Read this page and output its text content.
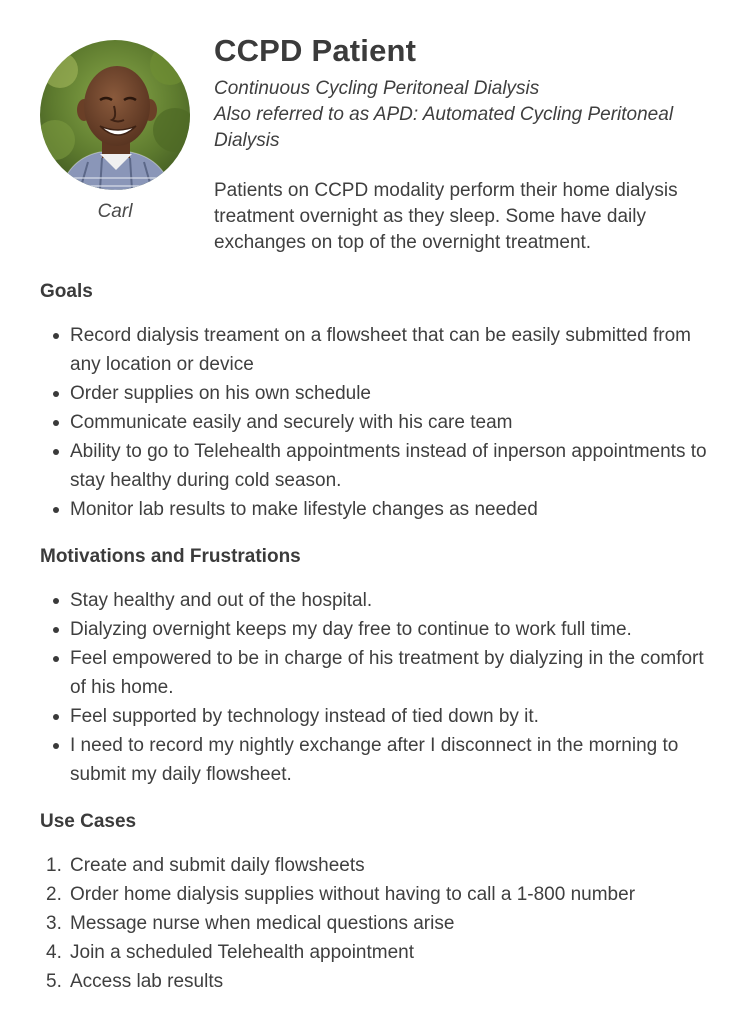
Carl
CCPD Patient
Continuous Cycling Peritoneal Dialysis
Also referred to as APD: Automated Cycling Peritoneal Dialysis
Patients on CCPD modality perform their home dialysis treatment overnight as they sleep. Some have daily exchanges on top of the overnight treatment.
Goals
Record dialysis treament on a flowsheet that can be easily submitted from any location or device
Order supplies on his own schedule
Communicate easily and securely with his care team
Ability to go to Telehealth appointments instead of inperson appointments to stay healthy during cold season.
Monitor lab results to make lifestyle changes as needed
Motivations and Frustrations
Stay healthy and out of the hospital.
Dialyzing overnight keeps my day free to continue to work full time.
Feel empowered to be in charge of his treatment by dialyzing in the comfort of his home.
Feel supported by technology instead of tied down by it.
I need to record my nightly exchange after I disconnect in the morning to submit my daily flowsheet.
Use Cases
Create and submit daily flowsheets
Order home dialysis supplies without having to call a 1-800 number
Message nurse when medical questions arise
Join a scheduled Telehealth appointment
Access lab results
